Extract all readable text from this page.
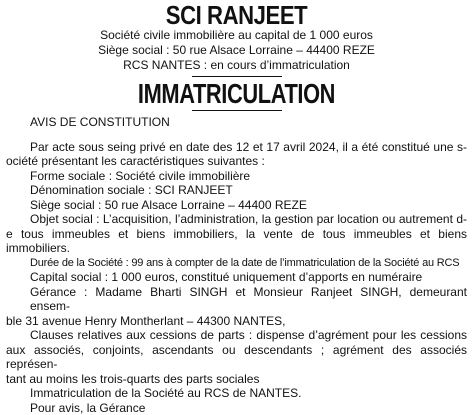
SCI RANJEET
Société civile immobilière au capital de 1 000 euros
Siège social : 50 rue Alsace Lorraine – 44400 REZE
RCS NANTES : en cours d’immatriculation
IMMATRICULATION
AVIS DE CONSTITUTION
Par acte sous seing privé en date des 12 et 17 avril 2024, il a été constitué une s-
ociété présentant les caractéristiques suivantes :
Forme sociale : Société civile immobilière
Dénomination sociale : SCI RANJEET
Siège social : 50 rue Alsace Lorraine – 44400 REZE
Objet social : L’acquisition, l’administration, la gestion par location ou autrement d-
e tous immeubles et biens immobiliers, la vente de tous immeubles et biens immobiliers.
Durée de la Société : 99 ans à compter de la date de l’immatriculation de la Société au RCS
Capital social : 1 000 euros, constitué uniquement d’apports en numéraire
Gérance : Madame Bharti SINGH et Monsieur Ranjeet SINGH, demeurant ensem-
ble 31 avenue Henry Montherlant – 44300 NANTES,
Clauses relatives aux cessions de parts : dispense d’agrément pour les cessions
aux associés, conjoints, ascendants ou descendants ; agrément des associés représen-
tant au moins les trois-quarts des parts sociales
Immatriculation de la Société au RCS de NANTES.
Pour avis, la Gérance
